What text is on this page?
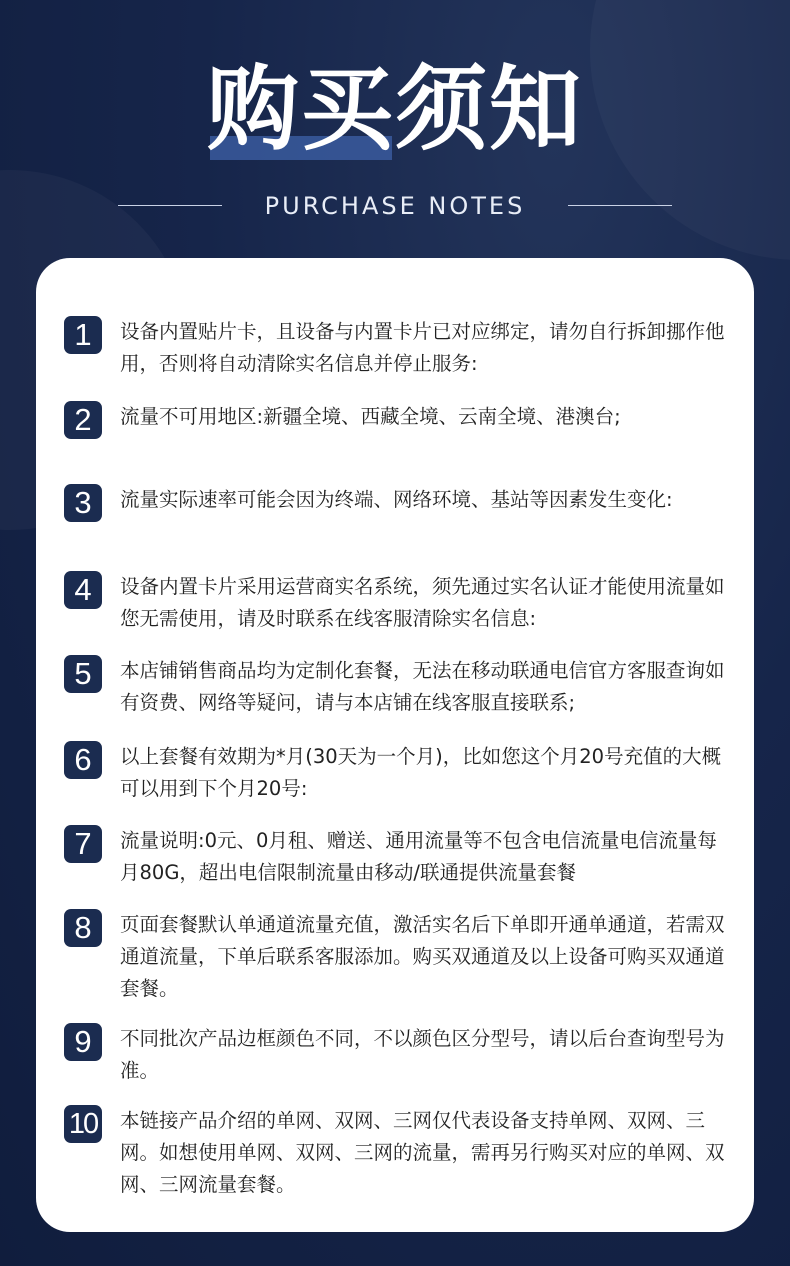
购买须知
PURCHASE NOTES
1	设备内置贴片卡，且设备与内置卡片已对应绑定，请勿自行拆卸挪作他用，否则将自动清除实名信息并停止服务:

2	流量不可用地区:新疆全境、西藏全境、云南全境、港澳台;

3	流量实际速率可能会因为终端、网络环境、基站等因素发生变化:

4	设备内置卡片采用运营商实名系统，须先通过实名认证才能使用流量如您无需使用，请及时联系在线客服清除实名信息:

5	本店铺销售商品均为定制化套餐，无法在移动联通电信官方客服查询如有资费、网络等疑问，请与本店铺在线客服直接联系;

6	以上套餐有效期为*月(30天为一个月)，比如您这个月20号充值的大概可以用到下个月20号:

7	流量说明:0元、0月租、赠送、通用流量等不包含电信流量电信流量每月80G，超出电信限制流量由移动/联通提供流量套餐

8	页面套餐默认单通道流量充值，激活实名后下单即开通单通道，若需双通道流量，下单后联系客服添加。购买双通道及以上设备可购买双通道套餐。

9	不同批次产品边框颜色不同，不以颜色区分型号，请以后台查询型号为准。

10 本链接产品介绍的单网、双网、三网仅代表设备支持单网、双网、三网。如想使用单网、双网、三网的流量，需再另行购买对应的单网、双网、三网流量套餐。
